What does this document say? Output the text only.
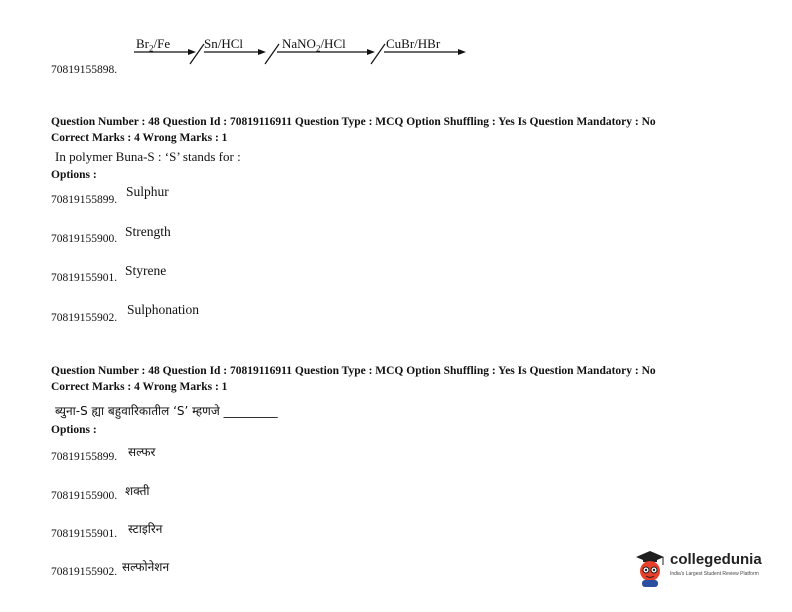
$Br_2/Fe$	Sn/HCl	NaNO$_2$/HCl	CuBr/HBr
70819155898.
Question Number : 48 Question Id : 70819116911 Question Type : MCQ Option Shuffling : Yes Is Question Mandatory : No
Correct Marks : 4 Wrong Marks : 1
In polymer Buna-S : ‘S’ stands for :
Options :
70819155899.
Sulphur
70819155900. Strength
70819155901. Styrene
70819155902.
Sulphonation
Question Number : 48 Question Id : 70819116911 Question Type : MCQ Option Shuffling : Yes Is Question Mandatory : No
Correct Marks : 4 Wrong Marks : 1
ब्युना-S ह्या बहुवारिकातील ‘S’ म्हणजे _________
Options :
70819155899. सल्फर
70819155900. शक्ती
70819155901. स्टाइरिन
70819155902. सल्फोनेशन	collegedunia
India's Largest Student Review Platform
